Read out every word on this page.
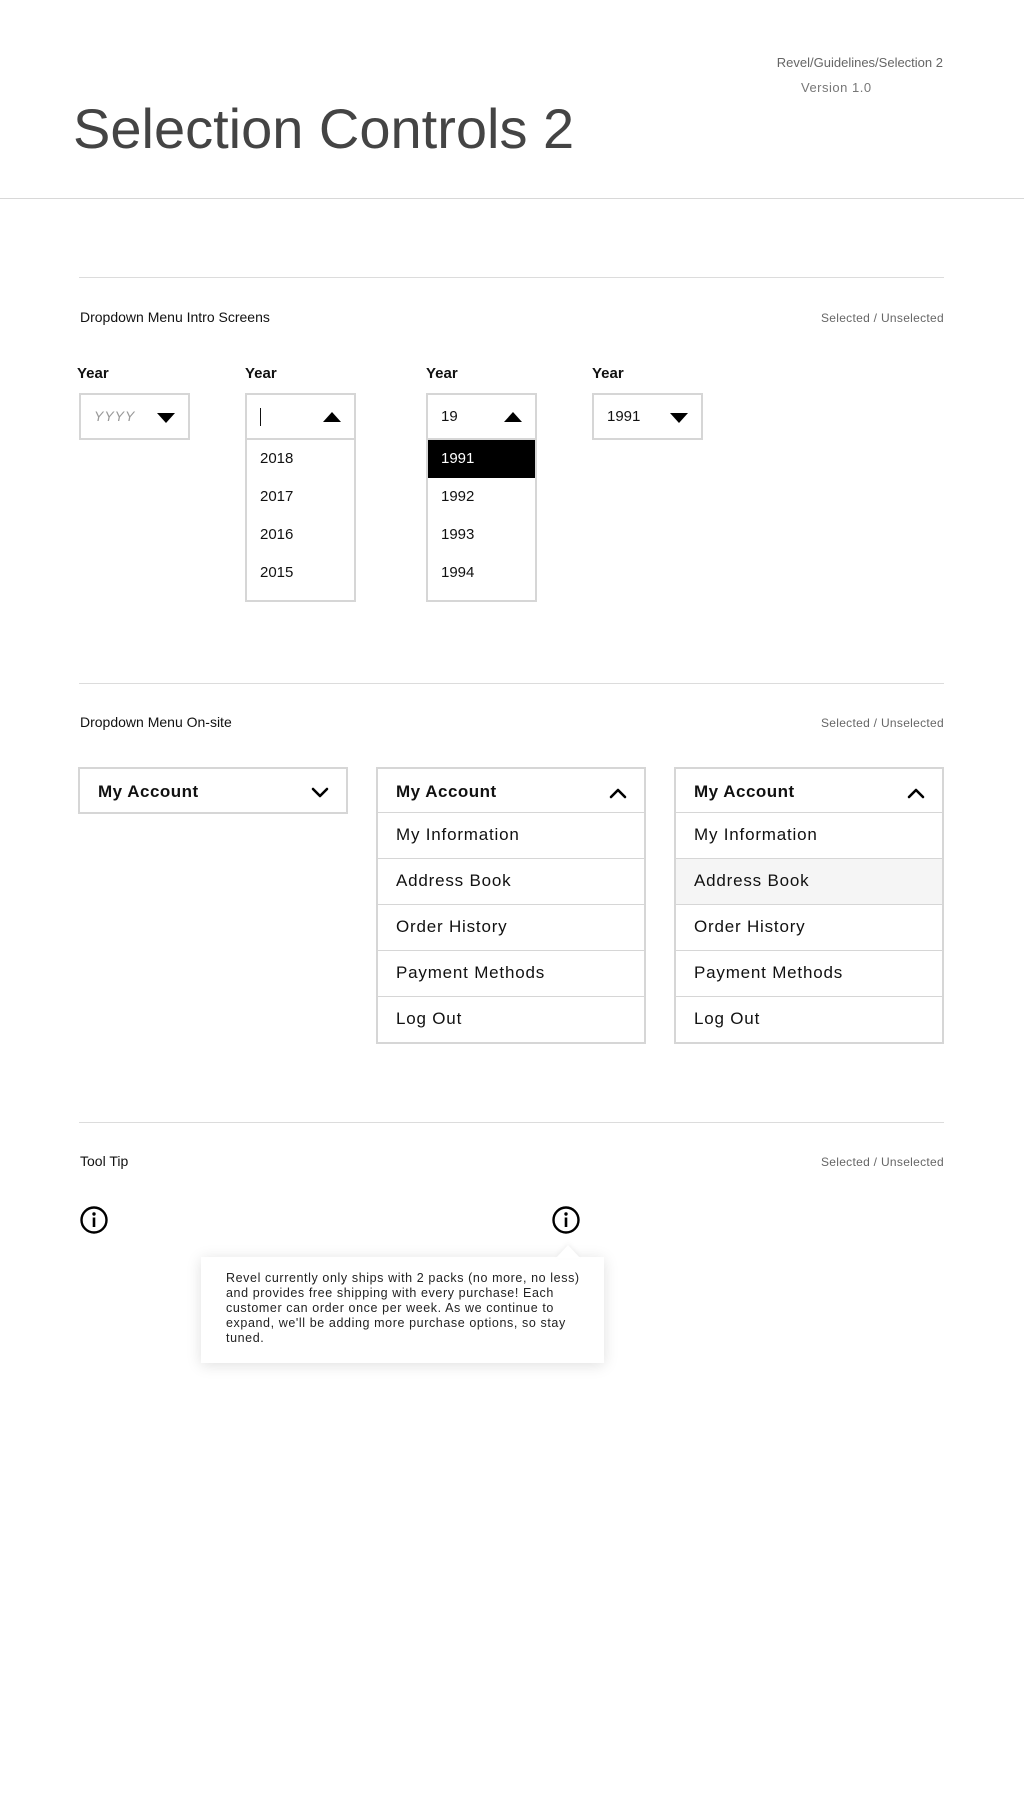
Revel/Guidelines/Selection 2
Version 1.0
Selection Controls 2
Dropdown Menu Intro Screens	Selected / Unselected
Year
YYYY
Year
2018
2017
2016
2015
Year
19
1991
1992
1993
1994
Year
1991
Dropdown Menu On-site	Selected / Unselected
My Account	My Account
My Information
Address Book
Order History
Payment Methods
Log Out
My Account
My Information
Address Book
Order History
Payment Methods
Log Out
Tool Tip	Selected / Unselected

Revel currently only ships with 2 packs (no more, no less) and provides free shipping with every purchase! Each customer can order once per week. As we continue to expand, we'll be adding more purchase options, so stay tuned.
